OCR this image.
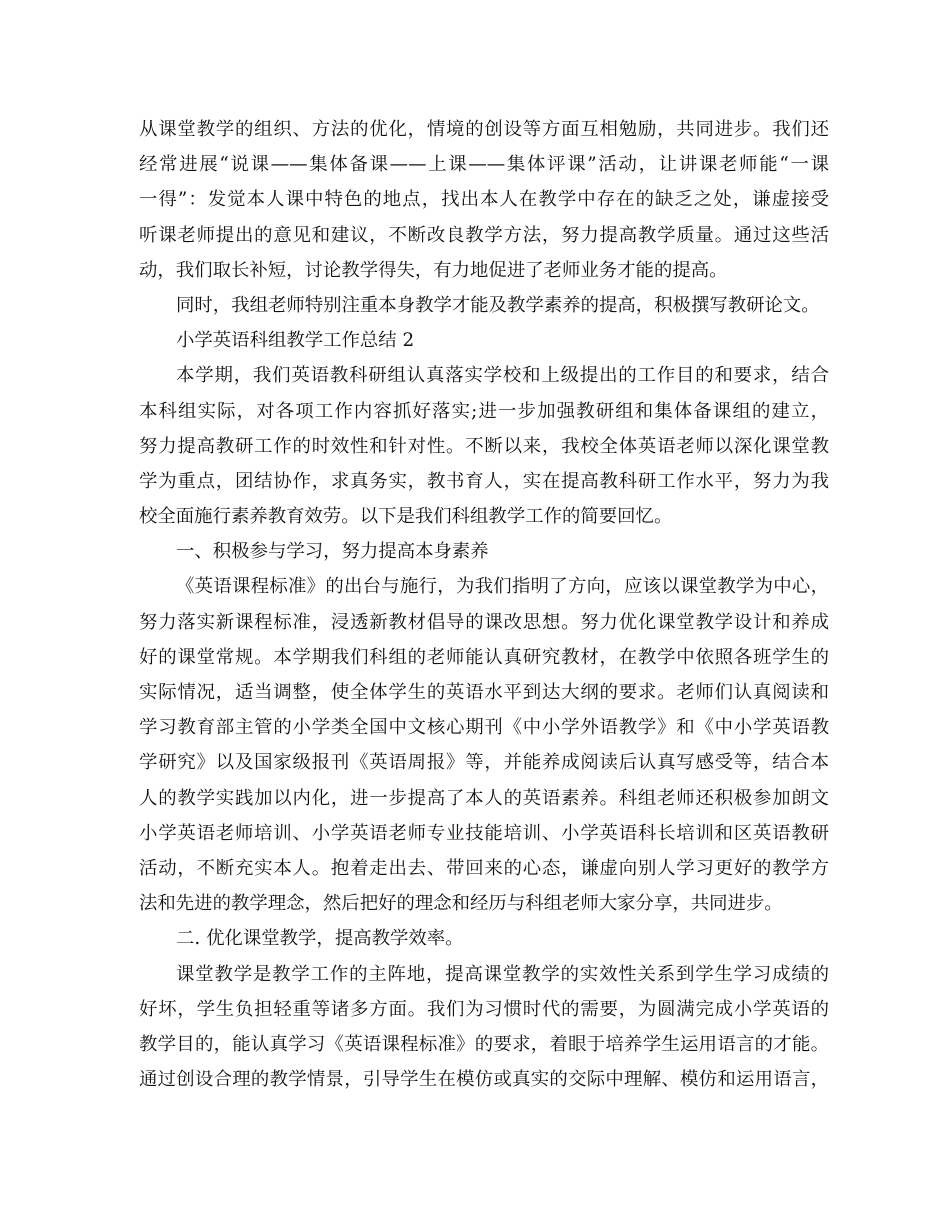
从课堂教学的组织、方法的优化，情境的创设等方面互相勉励，共同进步。我们还
经常进展“说课——集体备课——上课——集体评课”活动，让讲课老师能“一课
一得”：发觉本人课中特色的地点，找出本人在教学中存在的缺乏之处，谦虚接受
听课老师提出的意见和建议，不断改良教学方法，努力提高教学质量。通过这些活
动，我们取长补短，讨论教学得失，有力地促进了老师业务才能的提高。
同时，我组老师特别注重本身教学才能及教学素养的提高，积极撰写教研论文。
小学英语科组教学工作总结 2
本学期，我们英语教科研组认真落实学校和上级提出的工作目的和要求，结合
本科组实际，对各项工作内容抓好落实;进一步加强教研组和集体备课组的建立，
努力提高教研工作的时效性和针对性。不断以来，我校全体英语老师以深化课堂教
学为重点，团结协作，求真务实，教书育人，实在提高教科研工作水平，努力为我
校全面施行素养教育效劳。以下是我们科组教学工作的简要回忆。
一、积极参与学习，努力提高本身素养
《英语课程标准》的出台与施行，为我们指明了方向，应该以课堂教学为中心，
努力落实新课程标准，浸透新教材倡导的课改思想。努力优化课堂教学设计和养成
好的课堂常规。本学期我们科组的老师能认真研究教材，在教学中依照各班学生的
实际情况，适当调整，使全体学生的英语水平到达大纲的要求。老师们认真阅读和
学习教育部主管的小学类全国中文核心期刊《中小学外语教学》和《中小学英语教
学研究》以及国家级报刊《英语周报》等，并能养成阅读后认真写感受等，结合本
人的教学实践加以内化，进一步提高了本人的英语素养。科组老师还积极参加朗文
小学英语老师培训、小学英语老师专业技能培训、小学英语科长培训和区英语教研
活动，不断充实本人。抱着走出去、带回来的心态，谦虚向别人学习更好的教学方
法和先进的教学理念，然后把好的理念和经历与科组老师大家分享，共同进步。
二. 优化课堂教学，提高教学效率。
课堂教学是教学工作的主阵地，提高课堂教学的实效性关系到学生学习成绩的
好坏，学生负担轻重等诸多方面。我们为习惯时代的需要，为圆满完成小学英语的
教学目的，能认真学习《英语课程标准》的要求，着眼于培养学生运用语言的才能。
通过创设合理的教学情景，引导学生在模仿或真实的交际中理解、模仿和运用语言，
